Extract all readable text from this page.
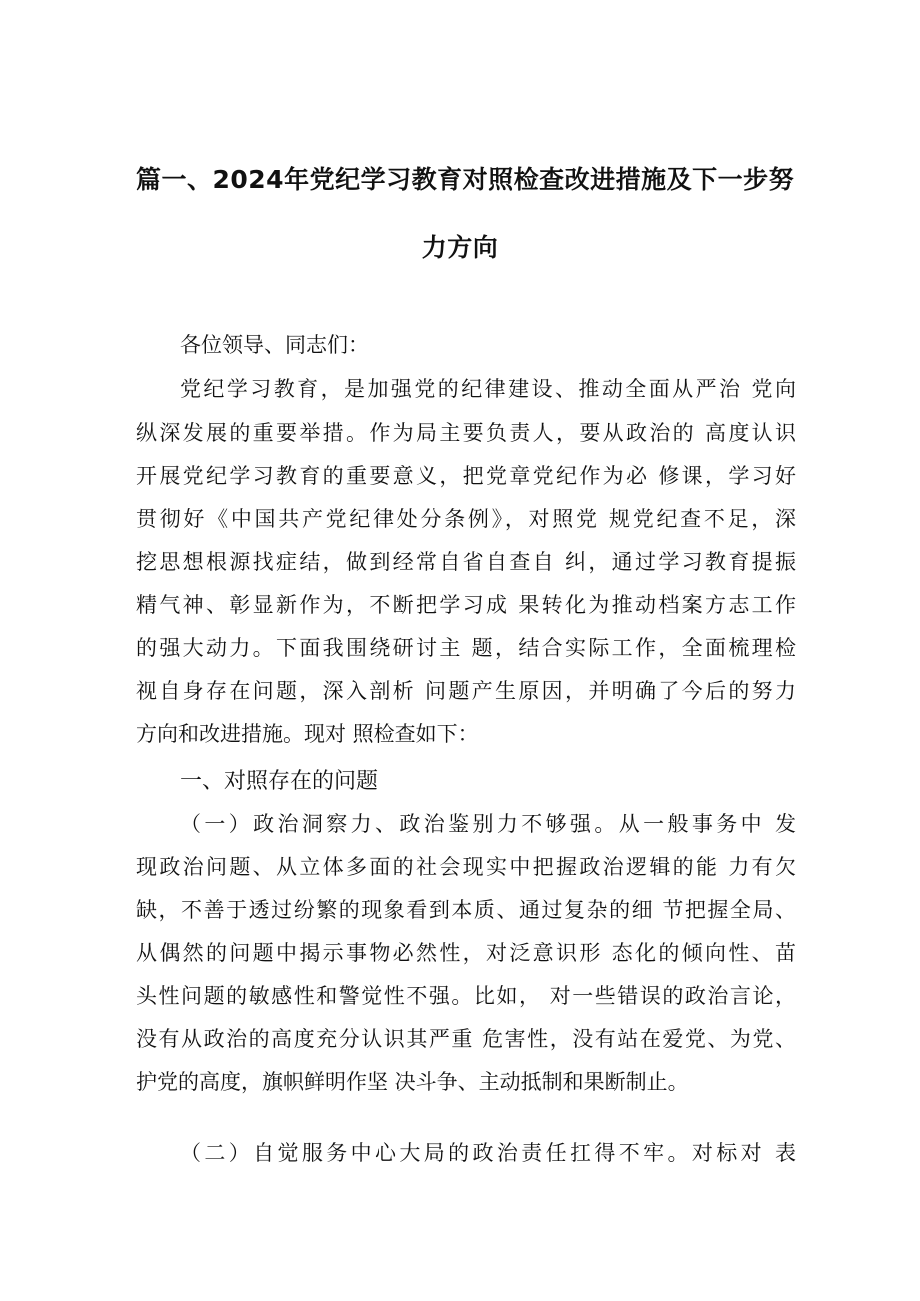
篇一、2024年党纪学习教育对照检查改进措施及下一步努
力方向
各位领导、同志们：
党纪学习教育，是加强党的纪律建设、推动全面从严治 党向
纵深发展的重要举措。作为局主要负责人，要从政治的 高度认识
开展党纪学习教育的重要意义，把党章党纪作为必 修课，学习好
贯彻好《中国共产党纪律处分条例》，对照党 规党纪查不足，深
挖思想根源找症结，做到经常自省自查自 纠，通过学习教育提振
精气神、彰显新作为，不断把学习成 果转化为推动档案方志工作
的强大动力。下面我围绕研讨主 题，结合实际工作，全面梳理检
视自身存在问题，深入剖析 问题产生原因，并明确了今后的努力
方向和改进措施。现对 照检查如下：
一、对照存在的问题
（一）政治洞察力、政治鉴别力不够强。从一般事务中 发
现政治问题、从立体多面的社会现实中把握政治逻辑的能 力有欠
缺，不善于透过纷繁的现象看到本质、通过复杂的细 节把握全局、
从偶然的问题中揭示事物必然性，对泛意识形 态化的倾向性、苗
头性问题的敏感性和警觉性不强。比如， 对一些错误的政治言论，
没有从政治的高度充分认识其严重 危害性，没有站在爱党、为党、
护党的高度，旗帜鲜明作坚 决斗争、主动抵制和果断制止。
（二）自觉服务中心大局的政治责任扛得不牢。对标对 表
